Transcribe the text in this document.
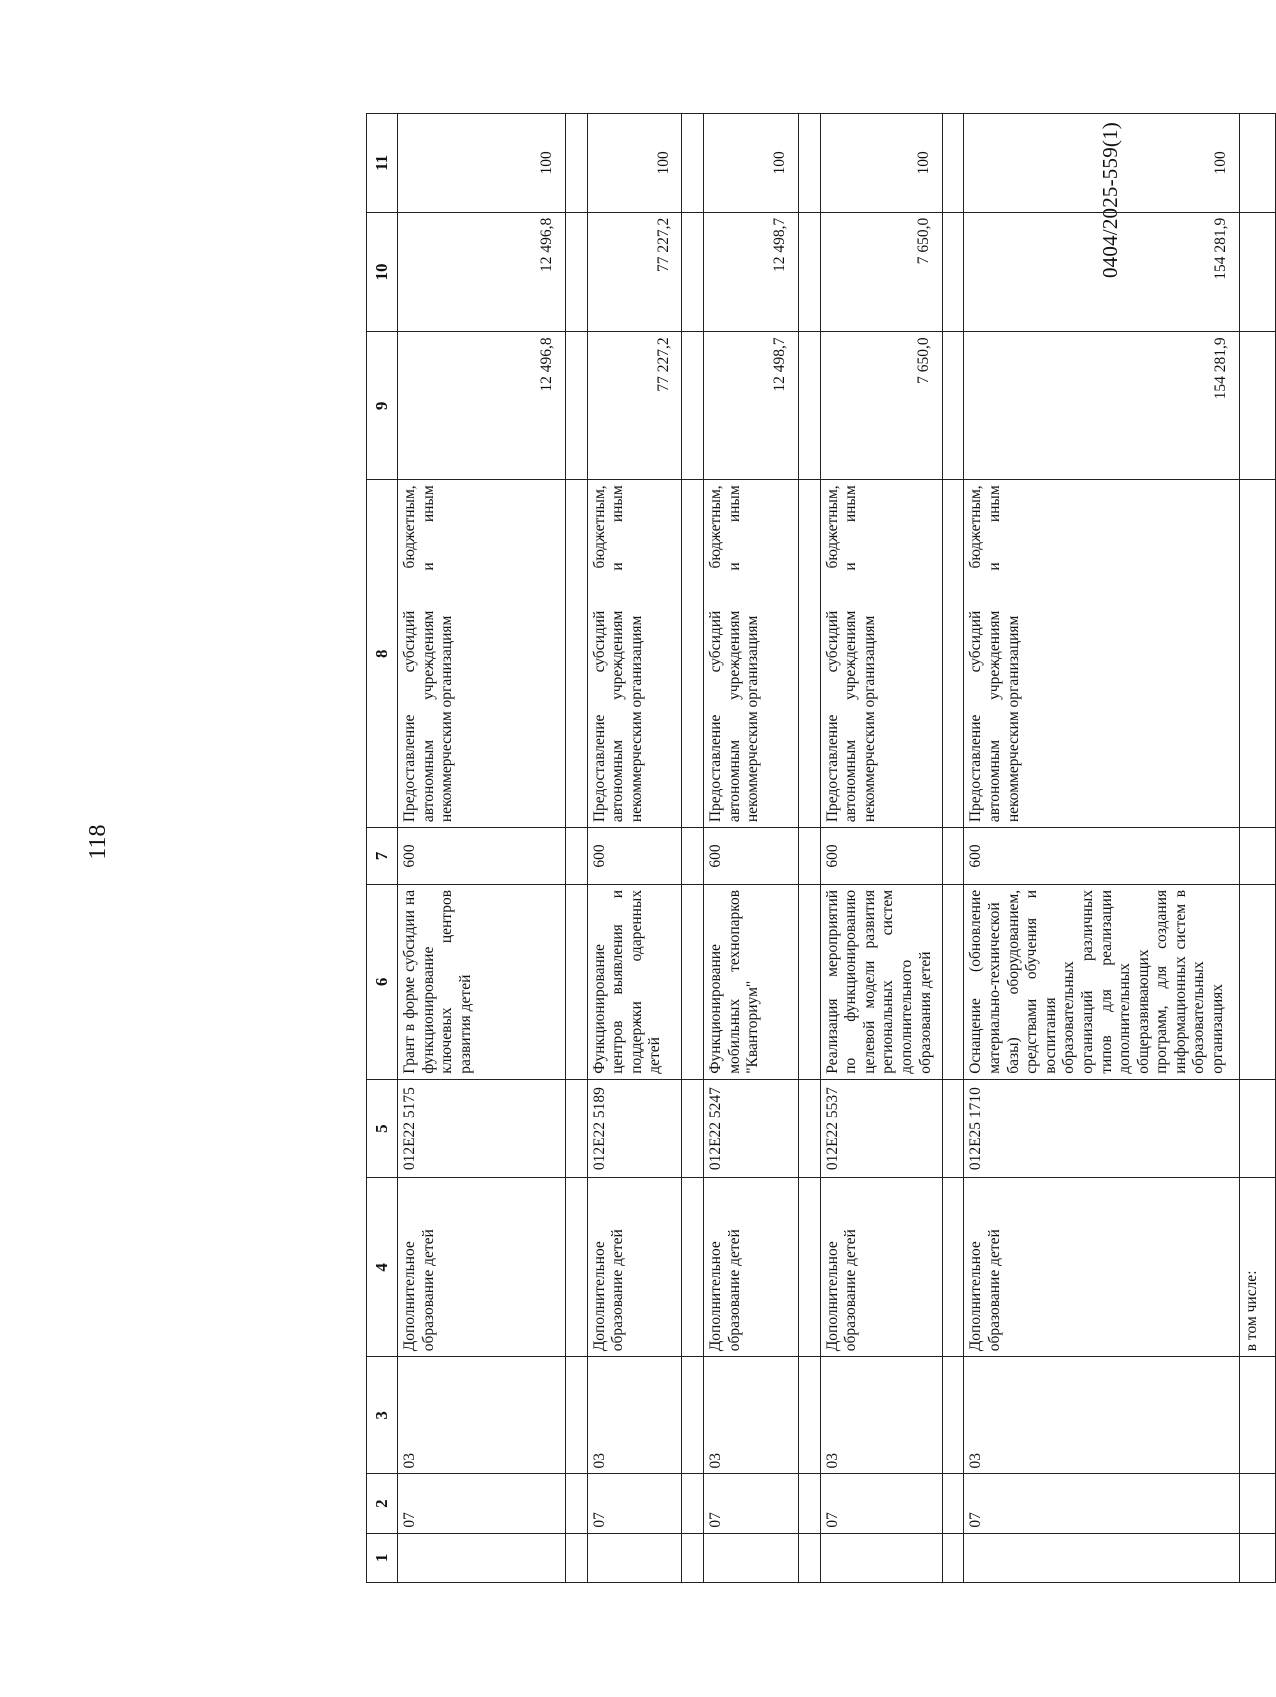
118
0404/2025-559(1)
1	2	3	4	5	6	7	8	9	10	11
	07	03	Дополнительное образование детей	012E22 5175	Грант в форме субсидии на функционирование ключевых центров развития детей	600	Предоставление субсидий бюджетным, автономным учреждениям и иным некоммерческим организациям	12 496,8	12 496,8	100

	07	03	Дополнительное образование детей	012E22 5189	Функционирование центров выявления и поддержки одаренных детей	600	Предоставление субсидий бюджетным, автономным учреждениям и иным некоммерческим организациям	77 227,2	77 227,2	100

	07	03	Дополнительное образование детей	012E22 5247	Функционирование мобильных технопарков "Кванториум"	600	Предоставление субсидий бюджетным, автономным учреждениям и иным некоммерческим организациям	12 498,7	12 498,7	100

	07	03	Дополнительное образование детей	012E22 5537	Реализация мероприятий по функционированию целевой модели развития региональных систем дополнительного образования детей	600	Предоставление субсидий бюджетным, автономным учреждениям и иным некоммерческим организациям	7 650,0	7 650,0	100

	07	03	Дополнительное образование детей	012E25 1710	Оснащение (обновление материально-технической базы) оборудованием, средствами обучения и воспитания образовательных организаций различных типов для реализации дополнительных общеразвивающих программ, для создания информационных систем в образовательных организациях	600	Предоставление субсидий бюджетным, автономным учреждениям и иным некоммерческим организациям	154 281,9	154 281,9	100
			в том числе:							
